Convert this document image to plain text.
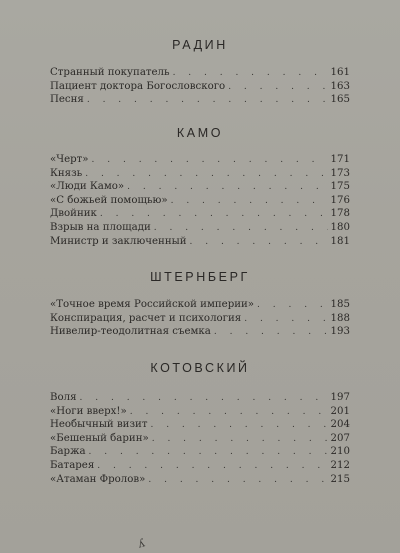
РАДИН
Странный покупатель . . .	161
Пациент доктора Богословского . . .	163
Песня . . .	165
КАМО
«Черт» . . .	171
Князь . . .	173
«Люди Камо» . . .	175
«С божьей помощью» . . .	176
Двойник . . .	178
Взрыв на площади . . .	180
Министр и заключенный . . .	181
ШТЕРНБЕРГ
«Точное время Российской империи» . . .	185
Конспирация, расчет и психология . . .	188
Нивелир-теодолитная съемка . . .	193
КОТОВСКИЙ
Воля . . .	197
«Ноги вверх!» . . .	201
Необычный визит . . .	204
«Бешеный барин» . . .	207
Баржа . . .	210
Батарея . . .	212
«Атаман Фролов» . . .	215
ʎ
